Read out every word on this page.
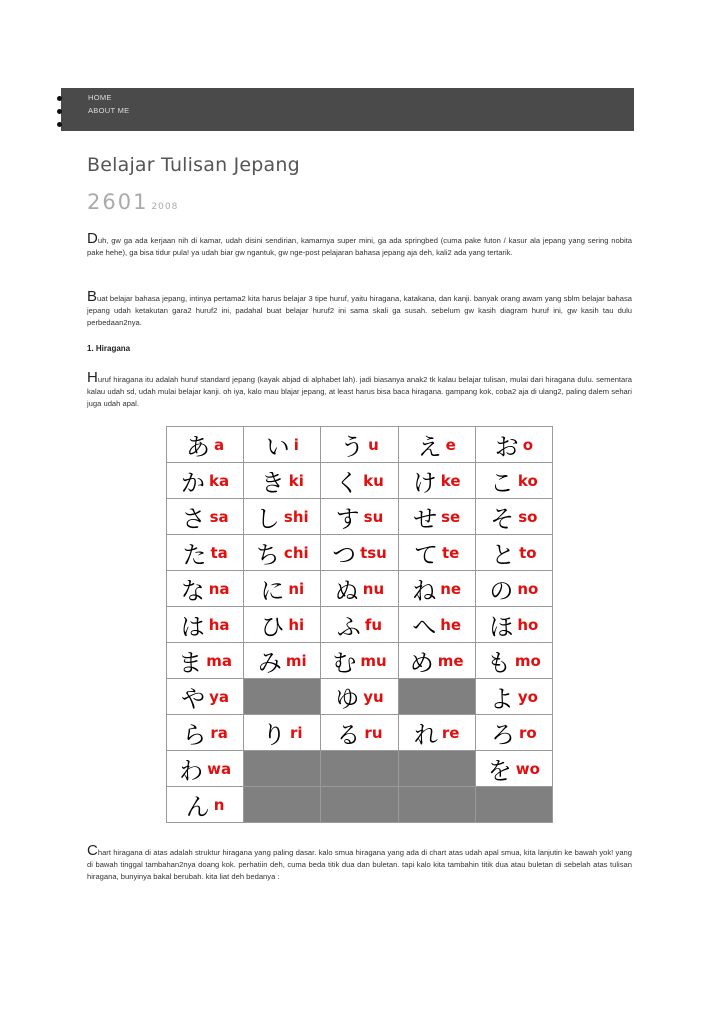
HOME
ABOUT ME
Belajar Tulisan Jepang
2601 2008
Duh, gw ga ada kerjaan nih di kamar, udah disini sendirian, kamarnya super mini, ga ada springbed (cuma pake futon / kasur ala jepang yang sering nobita pake hehe), ga bisa tidur pula! ya udah biar gw ngantuk, gw nge-post pelajaran bahasa jepang aja deh, kali2 ada yang tertarik.
Buat belajar bahasa jepang, intinya pertama2 kita harus belajar 3 tipe huruf, yaitu hiragana, katakana, dan kanji. banyak orang awam yang sblm belajar bahasa jepang udah ketakutan gara2 huruf2 ini, padahal buat belajar huruf2 ini sama skali ga susah. sebelum gw kasih diagram huruf ini, gw kasih tau dulu perbedaan2nya.
1. Hiragana
Huruf hiragana itu adalah huruf standard jepang (kayak abjad di alphabet lah). jadi biasanya anak2 tk kalau belajar tulisan, mulai dari hiragana dulu. sementara kalau udah sd, udah mulai belajar kanji. oh iya, kalo mau blajar jepang, at least harus bisa baca hiragana. gampang kok, coba2 aja di ulang2, paling dalem sehari juga udah apal.
あ a	い i	う u	え e	お o
か ka	き ki	く ku	け ke	こ ko
さ sa	し shi	す su	せ se	そ so
た ta	ち chi	つ tsu	て te	と to
な na	に ni	ぬ nu	ね ne	の no
は ha	ひ hi	ふ fu	へ he	ほ ho
ま ma	み mi	む mu	め me	も mo
や ya		ゆ yu		よ yo
ら ra	り ri	る ru	れ re	ろ ro
わ wa				を wo
ん n				
Chart hiragana di atas adalah struktur hiragana yang paling dasar. kalo smua hiragana yang ada di chart atas udah apal smua, kita lanjutin ke bawah yok! yang di bawah tinggal tambahan2nya doang kok. perhatiin deh, cuma beda titik dua dan buletan. tapi kalo kita tambahin titik dua atau buletan di sebelah atas tulisan hiragana, bunyinya bakal berubah. kita liat deh bedanya :
